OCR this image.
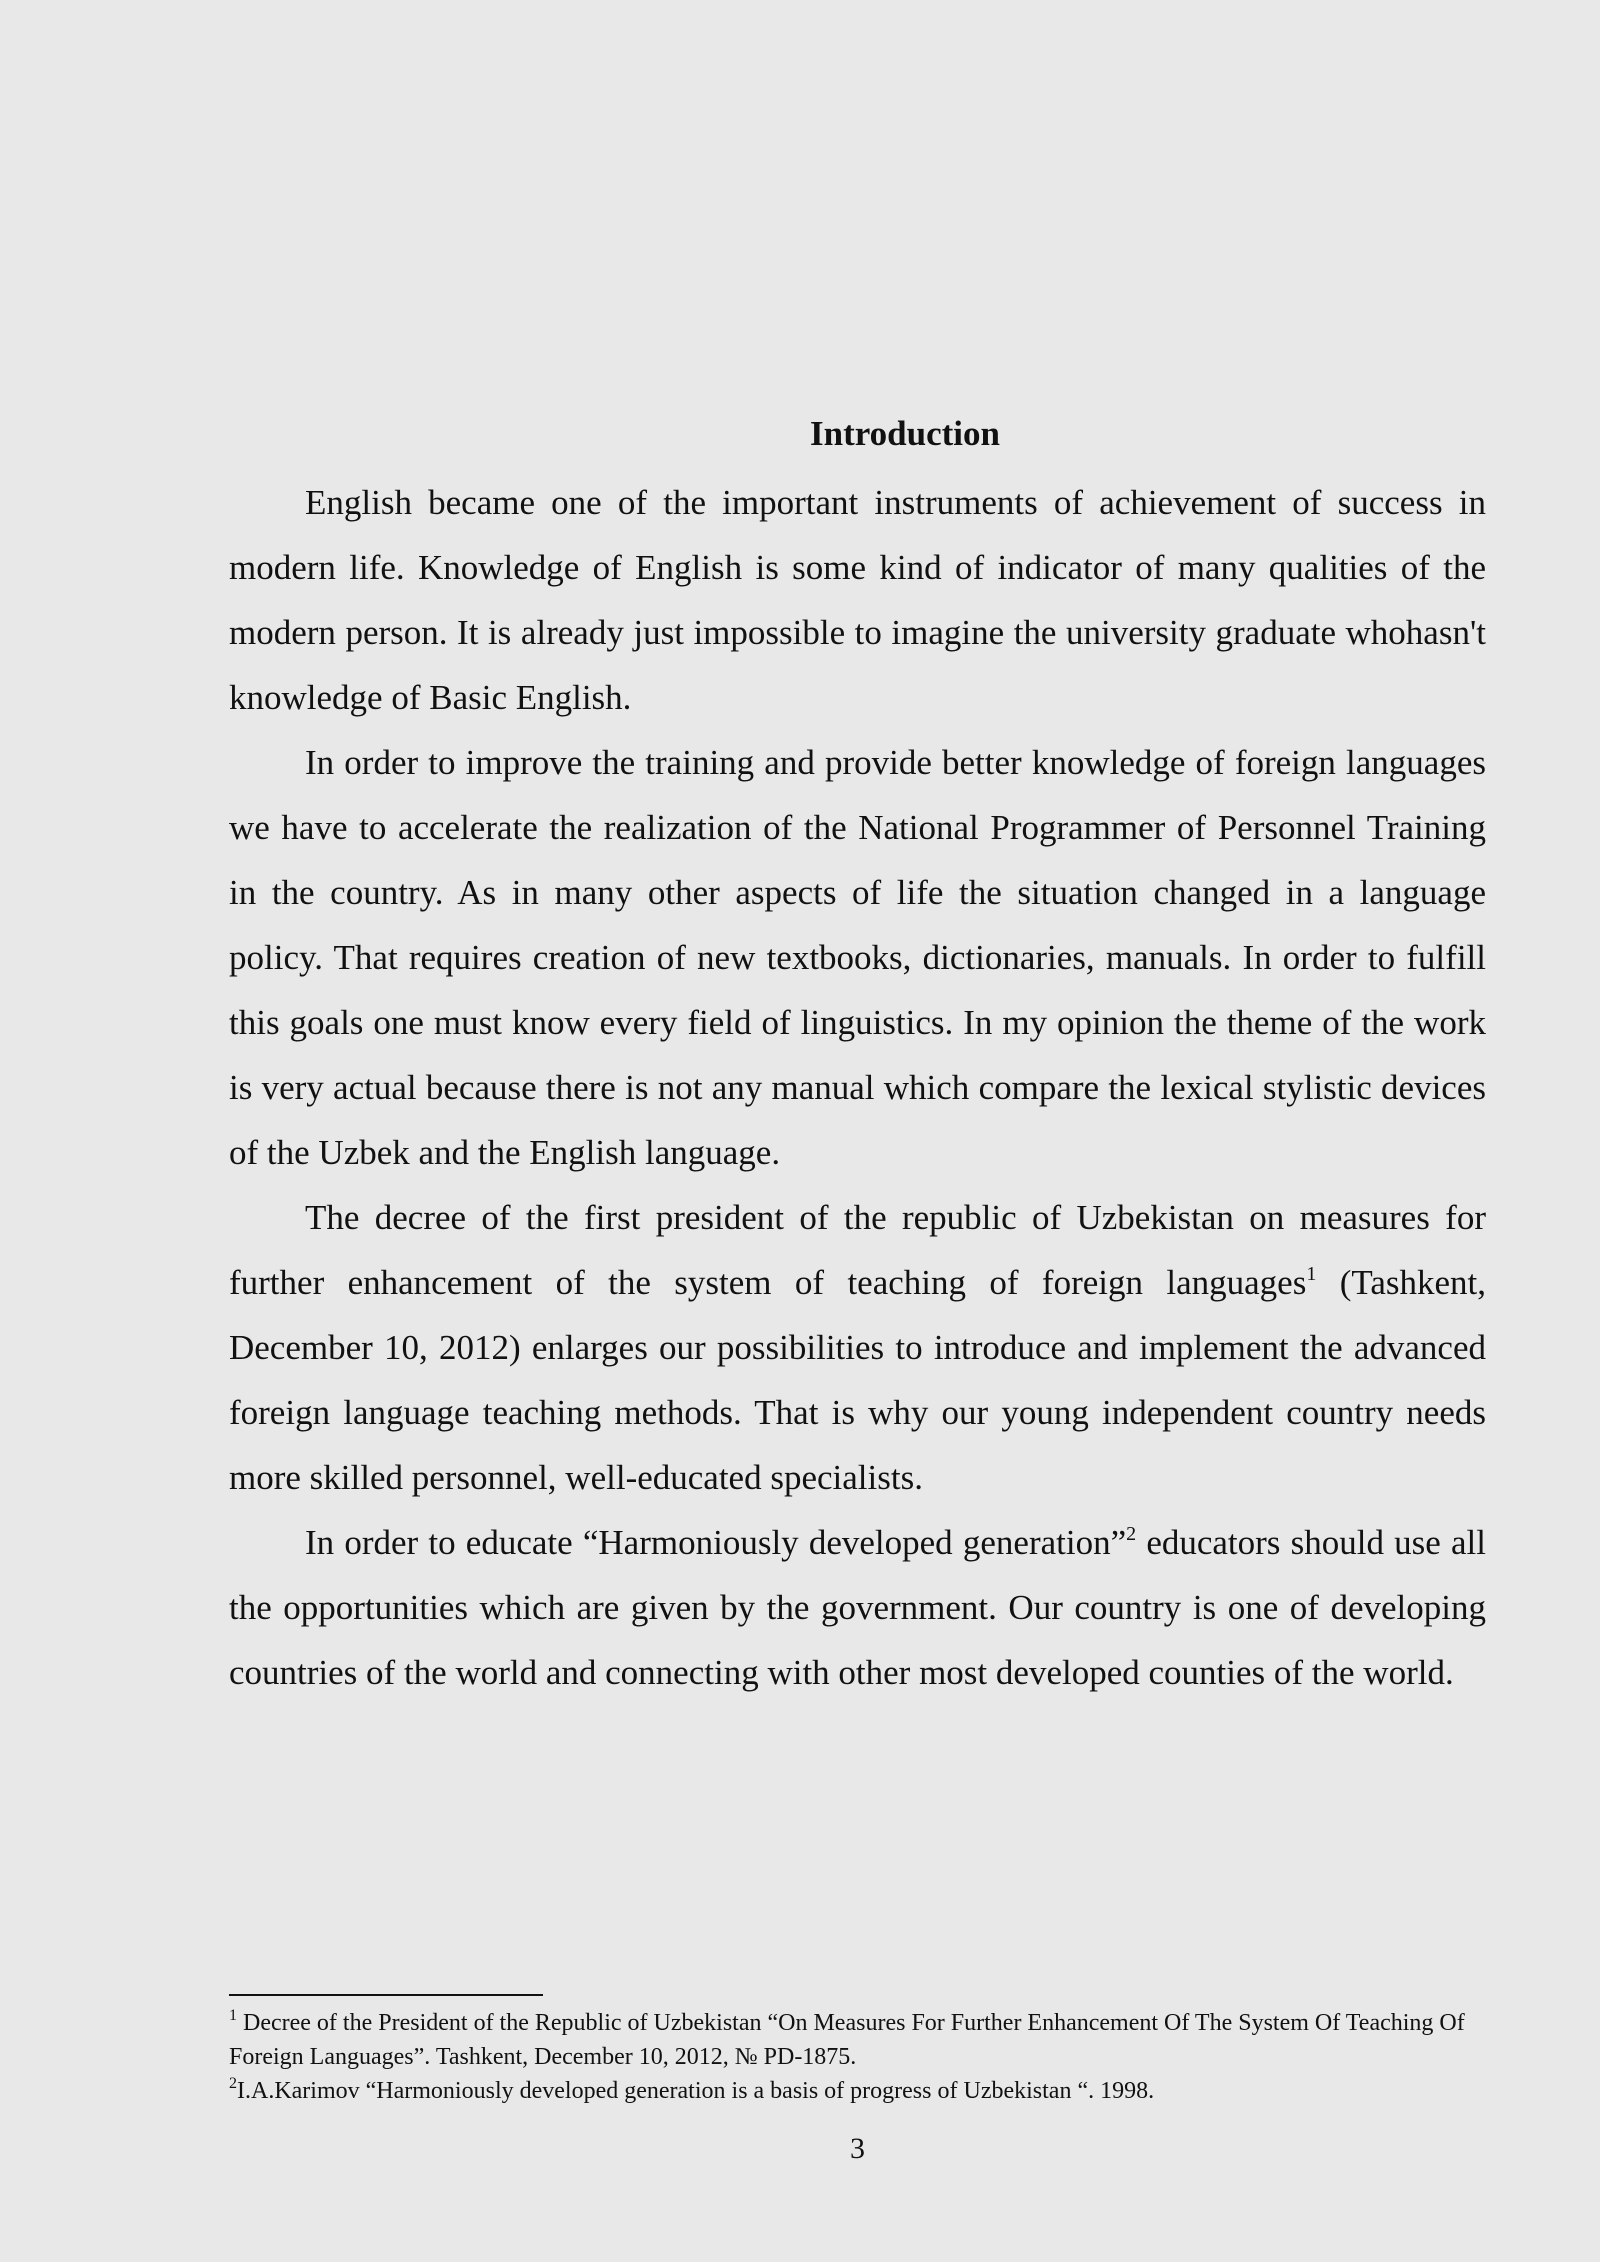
Introduction

English became one of the important instruments of achievement of success in modern life. Knowledge of English is some kind of indicator of many qualities of the modern person. It is already just impossible to imagine the university graduate whohasn't knowledge of Basic English.

In order to improve the training and provide better knowledge of foreign languages we have to accelerate the realization of the National Programmer of Personnel Training in the country. As in many other aspects of life the situation changed in a language policy. That requires creation of new textbooks, dictionaries, manuals. In order to fulfill this goals one must know every field of linguistics. In my opinion the theme of the work is very actual because there is not any manual which compare the lexical stylistic devices of the Uzbek and the English language.

The decree of the first president of the republic of Uzbekistan on measures for further enhancement of the system of teaching of foreign languages$^1$ (Tashkent, December 10, 2012) enlarges our possibilities to introduce and implement the advanced foreign language teaching methods. That is why our young independent country needs more skilled personnel, well-educated specialists.

In order to educate “Harmoniously developed generation”$^2$ educators should use all the opportunities which are given by the government. Our country is one of developing countries of the world and connecting with other most developed counties of the world.

$^1$ Decree of the President of the Republic of Uzbekistan “On Measures For Further Enhancement Of The System Of Teaching Of Foreign Languages”. Tashkent, December 10, 2012, № PD-1875.

$^2$I.A.Karimov “Harmoniously developed generation is a basis of progress of Uzbekistan “. 1998.

3
